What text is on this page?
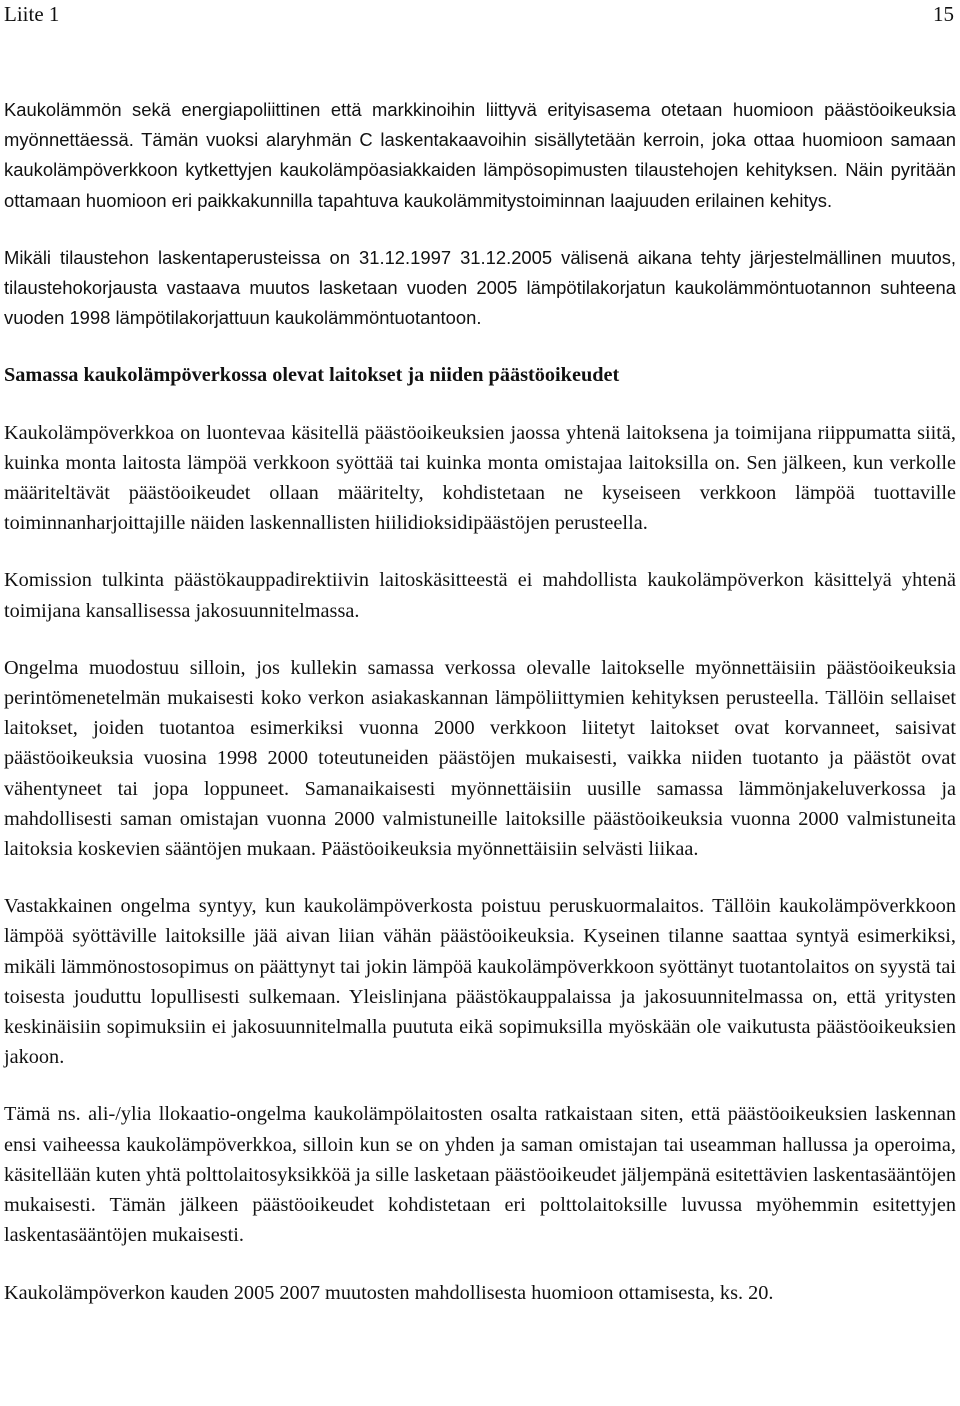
Liite 1	15

Kaukolämmön sekä energiapoliittinen että markkinoihin liittyvä erityisasema otetaan huomioon päästöoikeuksia myönnettäessä. Tämän vuoksi alaryhmän C laskentakaavoihin sisällytetään kerroin, joka ottaa huomioon samaan kaukolämpöverkkoon kytkettyjen kaukolämpöasiakkaiden lämpösopimusten tilaustehojen kehityksen. Näin pyritään ottamaan huomioon eri paikkakunnilla tapahtuva kaukolämmitystoiminnan laajuuden erilainen kehitys.

Mikäli tilaustehon laskentaperusteissa on 31.12.1997 31.12.2005 välisenä aikana tehty järjestelmällinen muutos, tilaustehokorjausta vastaava muutos lasketaan vuoden 2005 lämpötilakorjatun kaukolämmöntuotannon suhteena vuoden 1998 lämpötilakorjattuun kaukolämmöntuotantoon.

Samassa kaukolämpöverkossa olevat laitokset ja niiden päästöoikeudet

Kaukolämpöverkkoa on luontevaa käsitellä päästöoikeuksien jaossa yhtenä laitoksena ja toimijana riippumatta siitä, kuinka monta laitosta lämpöä verkkoon syöttää tai kuinka monta omistajaa laitoksilla on. Sen jälkeen, kun verkolle määriteltävät päästöoikeudet ollaan määritelty, kohdistetaan ne kyseiseen verkkoon lämpöä tuottaville toiminnanharjoittajille näiden laskennallisten hiilidioksidipäästöjen perusteella.

Komission tulkinta päästökauppadirektiivin laitoskäsitteestä ei mahdollista kaukolämpöverkon käsittelyä yhtenä toimijana kansallisessa jakosuunnitelmassa.

Ongelma muodostuu silloin, jos kullekin samassa verkossa olevalle laitokselle myönnettäisiin päästöoikeuksia perintömenetelmän mukaisesti koko verkon asiakaskannan lämpöliittymien kehityksen perusteella. Tällöin sellaiset laitokset, joiden tuotantoa esimerkiksi vuonna 2000 verkkoon liitetyt laitokset ovat korvanneet, saisivat päästöoikeuksia vuosina 1998 2000 toteutuneiden päästöjen mukaisesti, vaikka niiden tuotanto ja päästöt ovat vähentyneet tai jopa loppuneet. Samanaikaisesti myönnettäisiin uusille samassa lämmönjakeluverkossa ja mahdollisesti saman omistajan vuonna 2000 valmistuneille laitoksille päästöoikeuksia vuonna 2000 valmistuneita laitoksia koskevien sääntöjen mukaan. Päästöoikeuksia myönnettäisiin selvästi liikaa.

Vastakkainen ongelma syntyy, kun kaukolämpöverkosta poistuu peruskuormalaitos. Tällöin kaukolämpöverkkoon lämpöä syöttäville laitoksille jää aivan liian vähän päästöoikeuksia. Kyseinen tilanne saattaa syntyä esimerkiksi, mikäli lämmönostosopimus on päättynyt tai jokin lämpöä kaukolämpöverkkoon syöttänyt tuotantolaitos on syystä tai toisesta jouduttu lopullisesti sulkemaan. Yleislinjana päästökauppalaissa ja jakosuunnitelmassa on, että yritysten keskinäisiin sopimuksiin ei jakosuunnitelmalla puututa eikä sopimuksilla myöskään ole vaikutusta päästöoikeuksien jakoon.

Tämä ns. ali-/ylia llokaatio-ongelma kaukolämpölaitosten osalta ratkaistaan siten, että päästöoikeuksien laskennan ensi vaiheessa kaukolämpöverkkoa, silloin kun se on yhden ja saman omistajan tai useamman hallussa ja operoima, käsitellään kuten yhtä polttolaitosyksikköä ja sille lasketaan päästöoikeudet jäljempänä esitettävien laskentasääntöjen mukaisesti. Tämän jälkeen päästöoikeudet kohdistetaan eri polttolaitoksille luvussa myöhemmin esitettyjen laskentasääntöjen mukaisesti.

Kaukolämpöverkon kauden 2005 2007 muutosten mahdollisesta huomioon ottamisesta, ks. 20.
